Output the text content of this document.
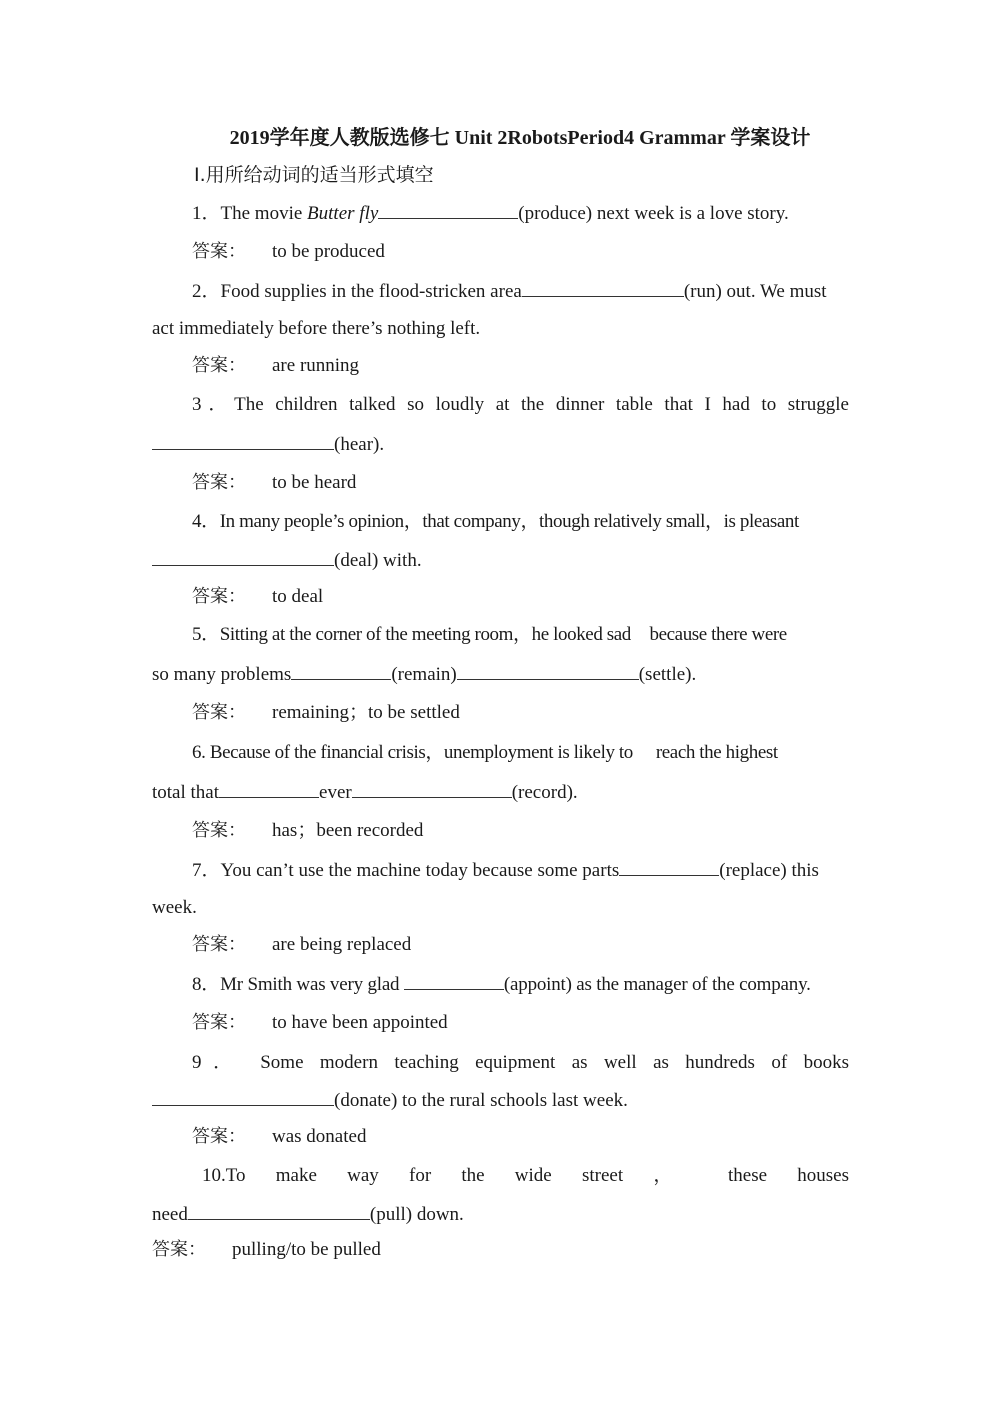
2019学年度人教版选修七 Unit 2RobotsPeriod4 Grammar 学案设计
Ⅰ.用所给动词的适当形式填空
1．The movie Butter fly	(produce) next week is a love story.
答案： to be produced
2．Food supplies in the flood-stricken area	(run) out. We must
act immediately before there’s nothing left.
答案： are running
3．The children talked so loudly at the dinner table that I had to struggle
(hear).
答案： to be heard
4．In many people’s opinion，that company，though relatively small，is pleasant
(deal) with.
答案： to deal
5．Sitting at the corner of the meeting room，he looked sad　because there were
so many problems	(remain)	(settle).
答案： remaining；to be settled
6. Because of the financial crisis，unemployment is likely to　 reach the highest
total that	ever	(record).
答案： has；been recorded
7．You can’t use the machine today because some parts	(replace) this
week.
答案： are being replaced
8．Mr Smith was very glad	(appoint) as the manager of the company.
答案： to have been appointed
9． Some modern teaching equipment as well as hundreds of books
(donate) to the rural schools last week.
答案： was donated
10.To make way for the wide street ， these houses
need	(pull) down.
答案： pulling/to be pulled
